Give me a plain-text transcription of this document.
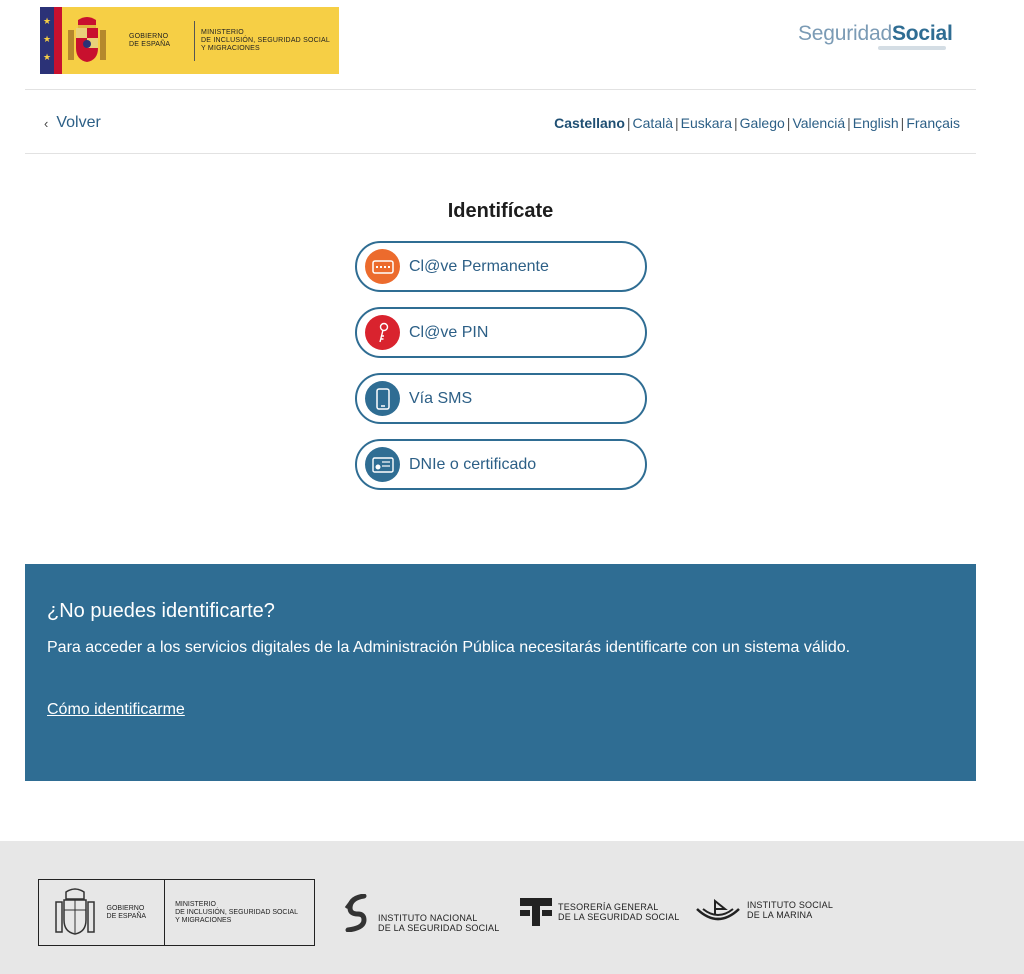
★
★
★
GOBIERNO
DE ESPAÑA
MINISTERIO
DE INCLUSIÓN, SEGURIDAD SOCIAL
Y MIGRACIONES
SeguridadSocial
‹ Volver	Castellano | Català | Euskara | Galego | Valenciá | English | Français
Identifícate
Cl@ve Permanente
Cl@ve PIN
Vía SMS
DNIe o certificado
¿No puedes identificarte?

Para acceder a los servicios digitales de la Administración Pública necesitarás identificarte con un sistema válido.

Cómo identificarme
GOBIERNO
DE ESPAÑA
MINISTERIO
DE INCLUSIÓN, SEGURIDAD SOCIAL
Y MIGRACIONES	INSTITUTO NACIONAL
DE LA SEGURIDAD SOCIAL
TESORERÍA GENERAL
DE LA SEGURIDAD SOCIAL
INSTITUTO SOCIAL
DE LA MARINA
